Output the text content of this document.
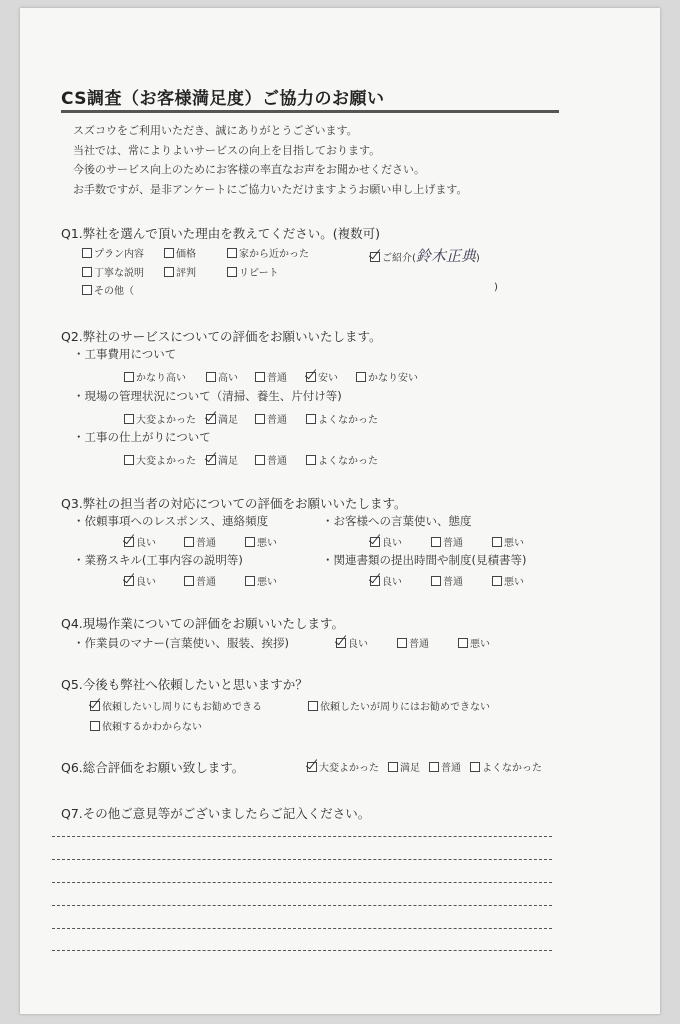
CS調査（お客様満足度）ご協力のお願い
スズコウをご利用いただき、誠にありがとうございます。
当社では、常によりよいサービスの向上を目指しております。
今後のサービス向上のためにお客様の率直なお声をお聞かせください。
お手数ですが、是非アンケートにご協力いただけますようお願い申し上げます。
Q1.弊社を選んで頂いた理由を教えてください。(複数可)
プラン内容	価格	家から近かった
丁寧な説明	評判	リピート
その他（	)
ご紹介(鈴木正典)
Q2.弊社のサービスについての評価をお願いいたします。
・工事費用について
かなり高い	高い	普通	安い	かなり安い
・現場の管理状況について（清掃、養生、片付け等)
大変よかった	満足	普通	よくなかった
・工事の仕上がりについて
大変よかった	満足	普通	よくなかった
Q3.弊社の担当者の対応についての評価をお願いいたします。
・依頼事項へのレスポンス、連絡頻度
良い	普通	悪い
・お客様への言葉使い、態度
良い	普通	悪い
・業務スキル(工事内容の説明等)
良い	普通	悪い
・関連書類の提出時間や制度(見積書等)
良い	普通	悪い
Q4.現場作業についての評価をお願いいたします。
・作業員のマナー(言葉使い、服装、挨拶)	良い	普通	悪い
Q5.今後も弊社へ依頼したいと思いますか？
依頼したいし周りにもお勧めできる	依頼したいが周りにはお勧めできない
依頼するかわからない
Q6.総合評価をお願い致します。	大変よかった	満足	普通	よくなかった
Q7.その他ご意見等がございましたらご記入ください。
